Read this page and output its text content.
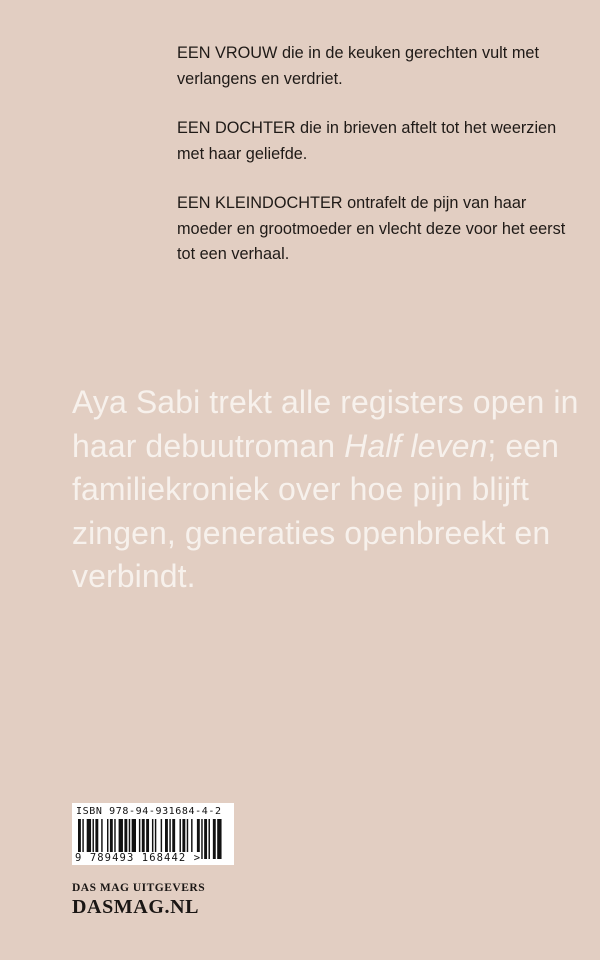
EEN VROUW die in de keuken gerechten vult met verlangens en verdriet.

EEN DOCHTER die in brieven aftelt tot het weerzien met haar geliefde.

EEN KLEINDOCHTER ontrafelt de pijn van haar moeder en grootmoeder en vlecht deze voor het eerst tot een verhaal.

Aya Sabi trekt alle registers open in haar debuutroman Half leven; een familiekroniek over hoe pijn blijft zingen, generaties openbreekt en verbindt.
ISBN 978-94-931684-4-2
9 789493 168442 >
DAS MAG UITGEVERS
DASMAG.NL
